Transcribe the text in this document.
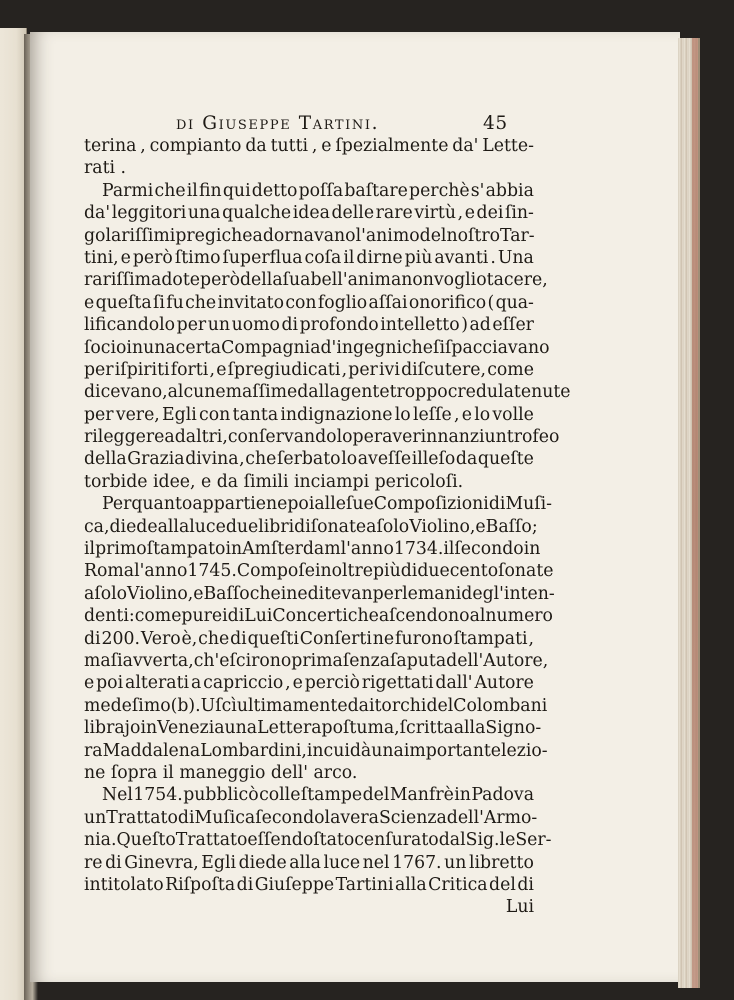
di Giuseppe Tartini.	45
terina , compianto da tutti , e ſpezialmente da' Lette-
rati .
Parmi che il fin qui detto poſſa baſtare perchè s' abbia
da' leggitori una qualche idea delle rare virtù , e dei ſin-
golariſſimi pregi che adornavano l' animo del noſtro Tar-
tini, e però ſtimo ſuperflua coſa il dirne più avanti . Una
rariſſima dote però della ſua bell' anima non voglio tacere,
e queſta ſi fu che invitato con foglio aſſai onorifico ( qua-
lificandolo per un uomo di profondo intelletto ) ad eſſer
ſocio in una certa Compagnia d' ingegni che ſi ſpacciavano
per iſpiriti forti , e ſpregiudicati , per ivi diſcutere, come
dicevano , alcune maſſime dalla gente troppo credula tenute
per vere, Egli con tanta indignazione lo leſſe , e lo volle
rileggere ad altri , conſervandolo per aver innanzi un trofeo
della Grazia divina , che ſerbato lo aveſſe illeſo da queſte
torbide idee, e da ſimili inciampi pericoloſi.
Per quanto appartiene poi alle ſue Compoſizioni di Muſi-
ca, diede alla luce due libri di ſonate a ſolo Violino, e Baſſo;
il primo ſtampato in Amſterdam l' anno 1734. il ſecondo in
Roma l' anno 1745. Compoſe inoltre più di duecento ſonate
a ſolo Violino, e Baſſo che inedite van per le mani degl' inten-
denti: come pure i di Lui Concerti che aſcendono al numero
di 200. Vero è, che di queſti Conſerti ne furono ſtampati ,
ma ſi avverta, ch' eſcirono prima ſenza ſaputa dell' Autore,
e poi alterati a capriccio , e perciò rigettati dall' Autore
medeſimo (b). Uſcì ultimamente dai torchi del Colombani
librajo in Venezia una Lettera poſtuma , ſcritta alla Signo-
ra Maddalena Lombardini, in cui dà una importante lezio-
ne ſopra il maneggio dell' arco.
Nel 1754. pubblicò colle ſtampe del Manfrè in Padova
un Trattato di Muſica ſecondo la vera Scienza dell' Armo-
nia . Queſto Trattato eſſendo ſtato cenſurato dal Sig. le Ser-
re di Ginevra, Egli diede alla luce nel 1767. un libretto
intitolato Riſpoſta di Giuſeppe Tartini alla Critica del di
Lui
